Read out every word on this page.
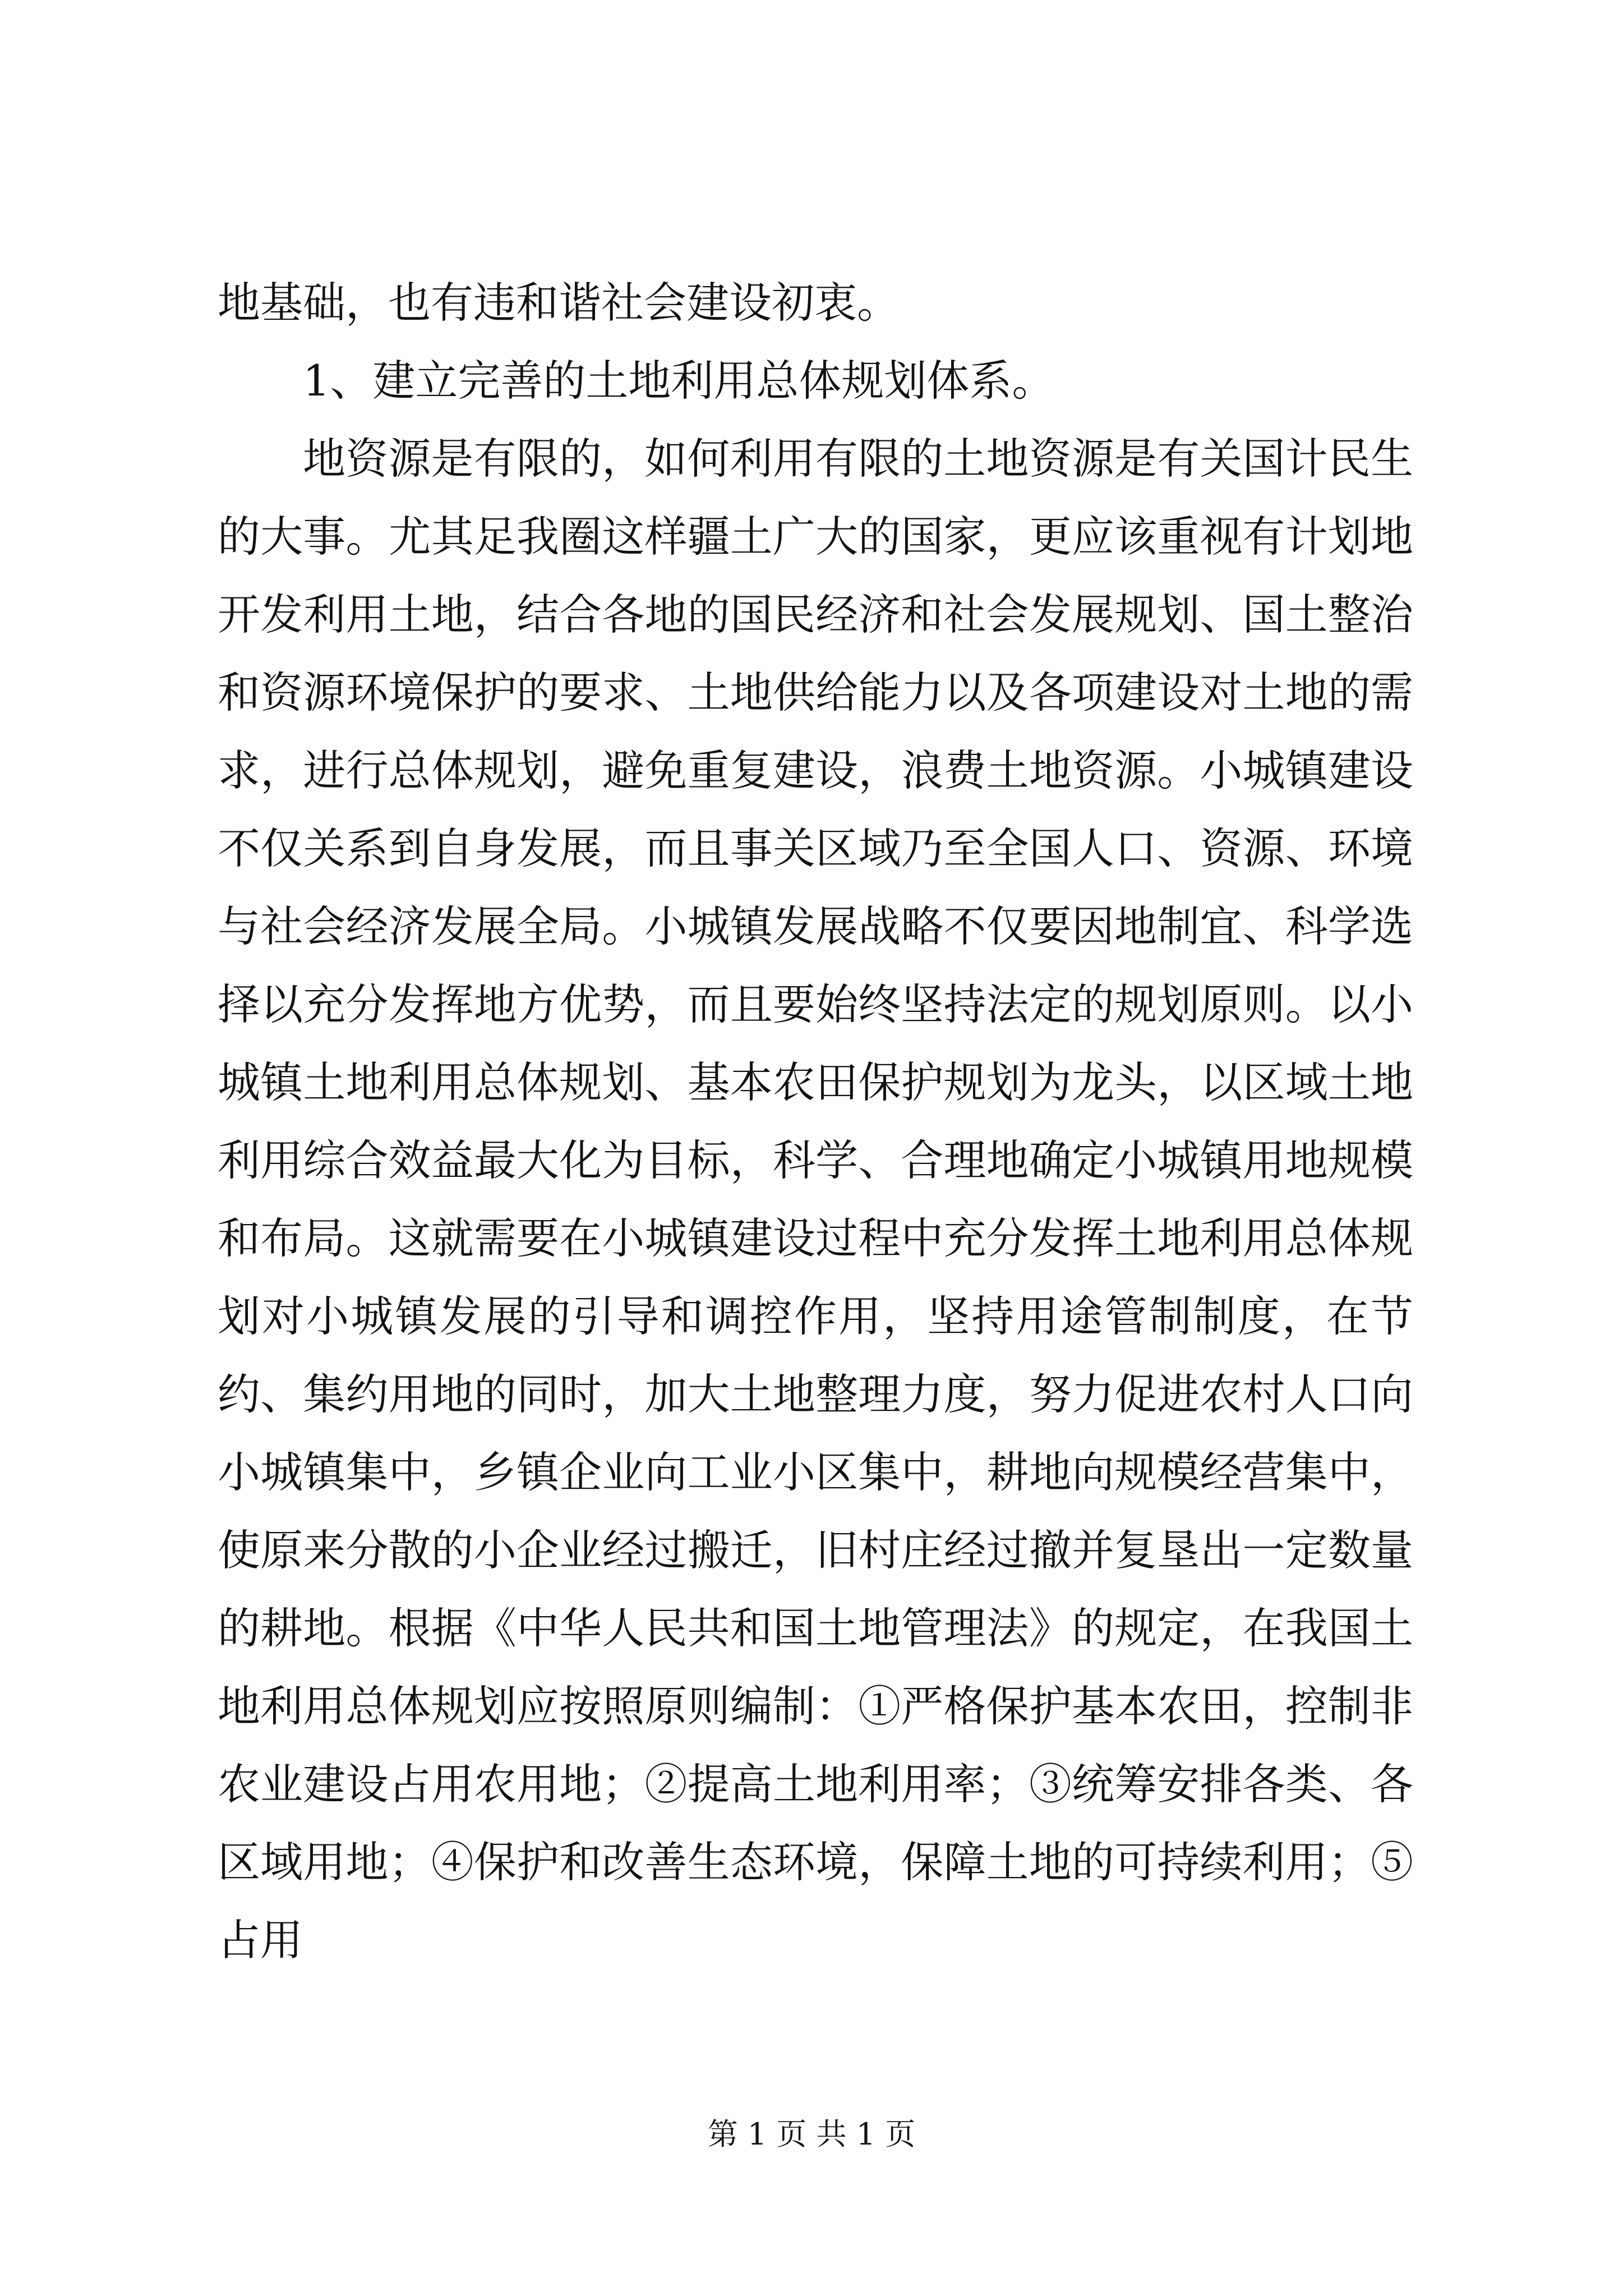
地基础，也有违和谐社会建设初衷。

1、建立完善的土地利用总体规划体系。

地资源是有限的，如何利用有限的土地资源是有关国计民生的大事。尤其足我圈这样疆土广大的国家，更应该重视有计划地开发利用土地，结合各地的国民经济和社会发展规划、国土整治和资源环境保护的要求、土地供给能力以及各项建设对土地的需求，进行总体规划，避免重复建设，浪费土地资源。小城镇建设不仅关系到自身发展，而且事关区域乃至全国人口、资源、环境与社会经济发展全局。小城镇发展战略不仅要因地制宜、科学选择以充分发挥地方优势，而且要始终坚持法定的规划原则。以小城镇土地利用总体规划、基本农田保护规划为龙头，以区域土地利用综合效益最大化为目标，科学、合理地确定小城镇用地规模和布局。这就需要在小城镇建设过程中充分发挥土地利用总体规划对小城镇发展的引导和调控作用，坚持用途管制制度，在节约、集约用地的同时，加大土地整理力度，努力促进农村人口向小城镇集中，乡镇企业向工业小区集中，耕地向规模经营集中，使原来分散的小企业经过搬迁，旧村庄经过撤并复垦出一定数量的耕地。根据《中华人民共和国土地管理法》的规定，在我国土地利用总体规划应按照原则编制：①严格保护基本农田，控制非农业建设占用农用地；②提高土地利用率；③统筹安排各类、各区域用地；④保护和改善生态环境，保障土地的可持续利用；⑤占用

第 1 页 共 1 页
